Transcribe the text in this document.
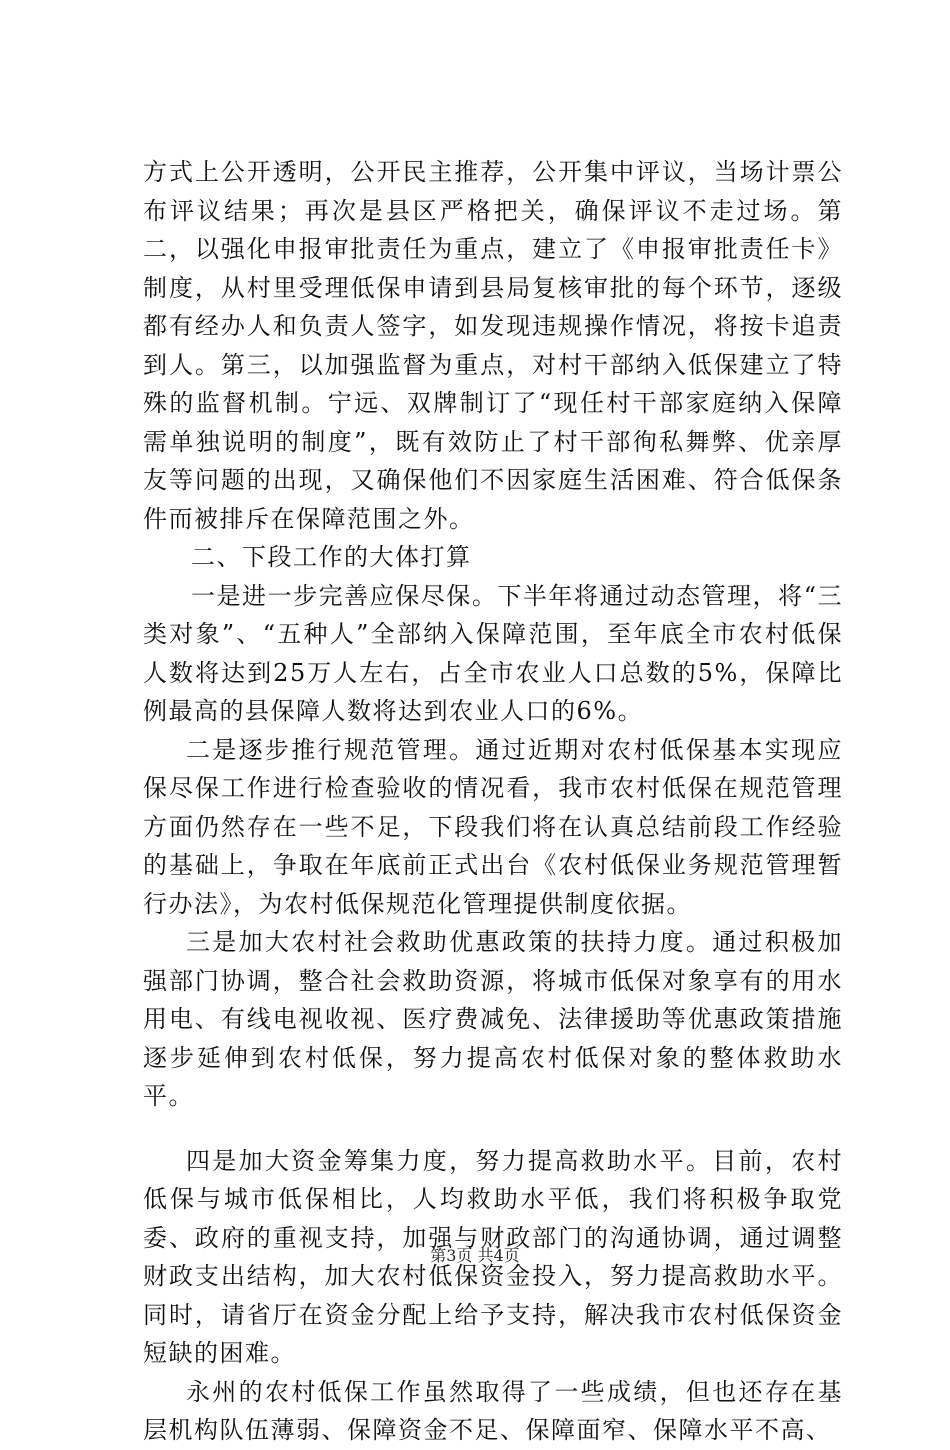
方式上公开透明，公开民主推荐，公开集中评议，当场计票公布评议结果；再次是县区严格把关，确保评议不走过场。第二，以强化申报审批责任为重点，建立了《申报审批责任卡》制度，从村里受理低保申请到县局复核审批的每个环节，逐级都有经办人和负责人签字，如发现违规操作情况，将按卡追责到人。第三，以加强监督为重点，对村干部纳入低保建立了特殊的监督机制。宁远、双牌制订了“现任村干部家庭纳入保障需单独说明的制度”，既有效防止了村干部徇私舞弊、优亲厚友等问题的出现，又确保他们不因家庭生活困难、符合低保条件而被排斥在保障范围之外。

二、下段工作的大体打算

一是进一步完善应保尽保。下半年将通过动态管理，将“三类对象”、“五种人”全部纳入保障范围，至年底全市农村低保人数将达到25万人左右，占全市农业人口总数的5%，保障比例最高的县保障人数将达到农业人口的6%。

二是逐步推行规范管理。通过近期对农村低保基本实现应保尽保工作进行检查验收的情况看，我市农村低保在规范管理方面仍然存在一些不足，下段我们将在认真总结前段工作经验的基础上，争取在年底前正式出台《农村低保业务规范管理暂行办法》，为农村低保规范化管理提供制度依据。

三是加大农村社会救助优惠政策的扶持力度。通过积极加强部门协调，整合社会救助资源，将城市低保对象享有的用水用电、有线电视收视、医疗费减免、法律援助等优惠政策措施逐步延伸到农村低保，努力提高农村低保对象的整体救助水平。

四是加大资金筹集力度，努力提高救助水平。目前，农村低保与城市低保相比，人均救助水平低，我们将积极争取党委、政府的重视支持，加强与财政部门的沟通协调，通过调整财政支出结构，加大农村低保资金投入，努力提高救助水平。同时，请省厅在资金分配上给予支持，解决我市农村低保资金短缺的困难。

永州的农村低保工作虽然取得了一些成绩，但也还存在基层机构队伍薄弱、保障资金不足、保障面窄、保障水平不高、

第3页 共4页
